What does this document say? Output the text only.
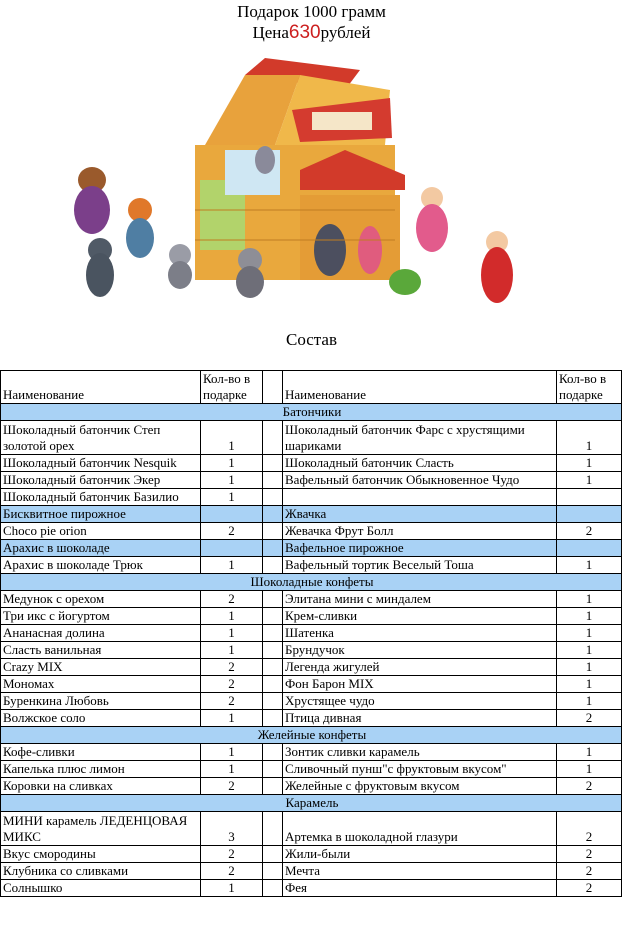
Подарок 1000 грамм
Цена630рублей
Состав
Наименование	Кол-во в подарке		Наименование	Кол-во в подарке
Батончики				
Шоколадный батончик Степ золотой орех	1		Шоколадный батончик Фарс с хрустящими шариками	1
Шоколадный батончик Nesquik	1		Шоколадный батончик Сласть	1
Шоколадный батончик Экер	1		Вафельный батончик Обыкновенное Чудо	1
Шоколадный батончик Базилио	1			
Бисквитное пирожное			Жвачка	
Choco pie orion	2		Жевачка Фрут Болл	2
Арахис в шоколаде			Вафельное пирожное	
Арахис в шоколаде Трюк	1		Вафельный тортик Веселый Тоша	1
Шоколадные конфеты				
Медунок с орехом	2		Элитана мини с миндалем	1
Три икс с йогуртом	1		Крем-сливки	1
Ананасная долина	1		Шатенка	1
Сласть ванильная	1		Брундучок	1
Crazy MIX	2		Легенда жигулей	1
Мономах	2		Фон Барон MIX	1
Буренкина Любовь	2		Хрустящее чудо	1
Волжское соло	1		Птица дивная	2
Желейные конфеты				
Кофе-сливки	1		Зонтик сливки карамель	1
Капелька плюс лимон	1		Сливочный пунш"с фруктовым вкусом"	1
Коровки на сливках	2		Желейные с фруктовым вкусом	2
Карамель				
МИНИ карамель ЛЕДЕНЦОВАЯ МИКС	3		Артемка в шоколадной глазури	2
Вкус смородины	2		Жили-были	2
Клубника со сливками	2		Мечта	2
Солнышко	1		Фея	2
